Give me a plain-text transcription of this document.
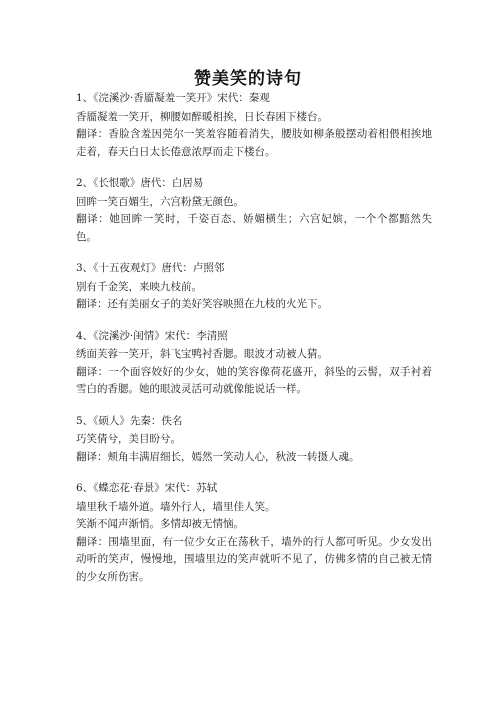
赞美笑的诗句

1、《浣溪沙·香靥凝羞一笑开》宋代：秦观

香靥凝羞一笑开，柳腰如醉暖相挨，日长春困下楼台。

翻译：香脸含羞因莞尔一笑羞容随着消失，腰肢如柳条般摆动着相偎相挨地走着，春天白日太长倦意浓厚而走下楼台。

2、《长恨歌》唐代：白居易

回眸一笑百媚生，六宫粉黛无颜色。

翻译：她回眸一笑时，千姿百态、娇媚横生；六宫妃嫔，一个个都黯然失色。

3、《十五夜观灯》唐代：卢照邻

别有千金笑，来映九枝前。

翻译：还有美丽女子的美好笑容映照在九枝的火光下。

4、《浣溪沙·闺情》宋代：李清照

绣面芙蓉一笑开，斜飞宝鸭衬香腮。眼波才动被人猜。

翻译：一个面容姣好的少女，她的笑容像荷花盛开，斜坠的云髻，双手衬着雪白的香腮。她的眼波灵活可动就像能说话一样。

5、《硕人》先秦：佚名

巧笑倩兮，美目盼兮。

翻译：颊角丰满眉细长，嫣然一笑动人心，秋波一转摄人魂。

6、《蝶恋花·春景》宋代：苏轼

墙里秋千墙外道。墙外行人，墙里佳人笑。

笑渐不闻声渐悄。多情却被无情恼。

翻译：围墙里面，有一位少女正在荡秋千，墙外的行人都可听见。少女发出动听的笑声，慢慢地，围墙里边的笑声就听不见了，仿佛多情的自己被无情的少女所伤害。
